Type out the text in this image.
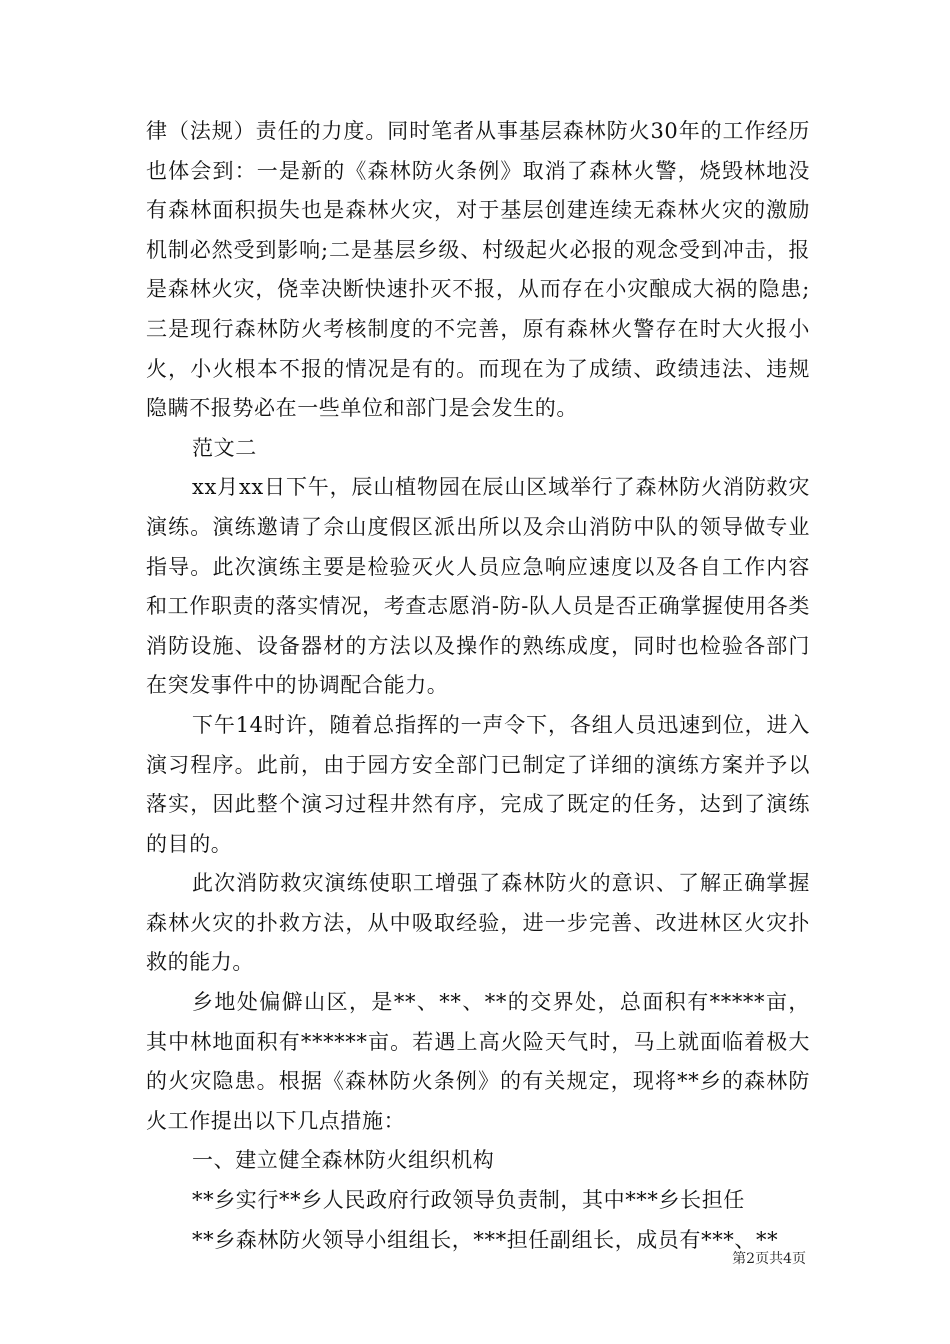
律（法规）责任的力度。同时笔者从事基层森林防火30年的工作经历也体会到：一是新的《森林防火条例》取消了森林火警，烧毁林地没有森林面积损失也是森林火灾，对于基层创建连续无森林火灾的激励机制必然受到影响;二是基层乡级、村级起火必报的观念受到冲击，报是森林火灾，侥幸决断快速扑灭不报，从而存在小灾酿成大祸的隐患;三是现行森林防火考核制度的不完善，原有森林火警存在时大火报小火，小火根本不报的情况是有的。而现在为了成绩、政绩违法、违规隐瞒不报势必在一些单位和部门是会发生的。

范文二

xx月xx日下午，辰山植物园在辰山区域举行了森林防火消防救灾演练。演练邀请了佘山度假区派出所以及佘山消防中队的领导做专业指导。此次演练主要是检验灭火人员应急响应速度以及各自工作内容和工作职责的落实情况，考查志愿消-防-队人员是否正确掌握使用各类消防设施、设备器材的方法以及操作的熟练成度，同时也检验各部门在突发事件中的协调配合能力。

下午14时许，随着总指挥的一声令下，各组人员迅速到位，进入演习程序。此前，由于园方安全部门已制定了详细的演练方案并予以落实，因此整个演习过程井然有序，完成了既定的任务，达到了演练的目的。

此次消防救灾演练使职工增强了森林防火的意识、了解正确掌握森林火灾的扑救方法，从中吸取经验，进一步完善、改进林区火灾扑救的能力。

乡地处偏僻山区，是**、**、**的交界处，总面积有*****亩，其中林地面积有******亩。若遇上高火险天气时，马上就面临着极大的火灾隐患。根据《森林防火条例》的有关规定，现将**乡的森林防火工作提出以下几点措施：

一、建立健全森林防火组织机构

**乡实行**乡人民政府行政领导负责制，其中***乡长担任

**乡森林防火领导小组组长，***担任副组长，成员有***、**

第2页共4页
